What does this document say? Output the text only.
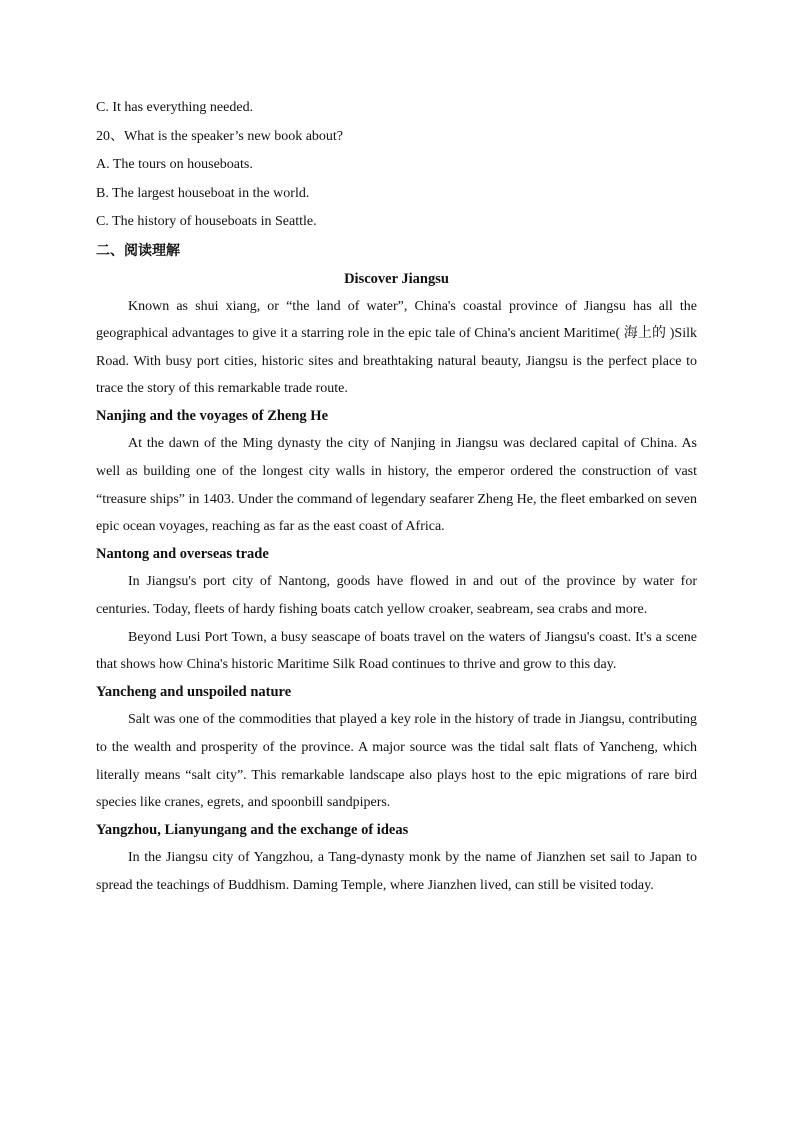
C. It has everything needed.

20、What is the speaker’s new book about?

A. The tours on houseboats.

B. The largest houseboat in the world.

C. The history of houseboats in Seattle.

二、阅读理解

Discover Jiangsu

Known as shui xiang, or “the land of water”, China's coastal province of Jiangsu has all the geographical advantages to give it a starring role in the epic tale of China's ancient Maritime( 海上的 )Silk Road. With busy port cities, historic sites and breathtaking natural beauty, Jiangsu is the perfect place to trace the story of this remarkable trade route.

Nanjing and the voyages of Zheng He

At the dawn of the Ming dynasty the city of Nanjing in Jiangsu was declared capital of China. As well as building one of the longest city walls in history, the emperor ordered the construction of vast “treasure ships” in 1403. Under the command of legendary seafarer Zheng He, the fleet embarked on seven epic ocean voyages, reaching as far as the east coast of Africa.

Nantong and overseas trade

In Jiangsu's port city of Nantong, goods have flowed in and out of the province by water for centuries. Today, fleets of hardy fishing boats catch yellow croaker, seabream, sea crabs and more.

Beyond Lusi Port Town, a busy seascape of boats travel on the waters of Jiangsu's coast. It's a scene that shows how China's historic Maritime Silk Road continues to thrive and grow to this day.

Yancheng and unspoiled nature

Salt was one of the commodities that played a key role in the history of trade in Jiangsu, contributing to the wealth and prosperity of the province. A major source was the tidal salt flats of Yancheng, which literally means “salt city”. This remarkable landscape also plays host to the epic migrations of rare bird species like cranes, egrets, and spoonbill sandpipers.

Yangzhou, Lianyungang and the exchange of ideas

In the Jiangsu city of Yangzhou, a Tang-dynasty monk by the name of Jianzhen set sail to Japan to spread the teachings of Buddhism. Daming Temple, where Jianzhen lived, can still be visited today.
